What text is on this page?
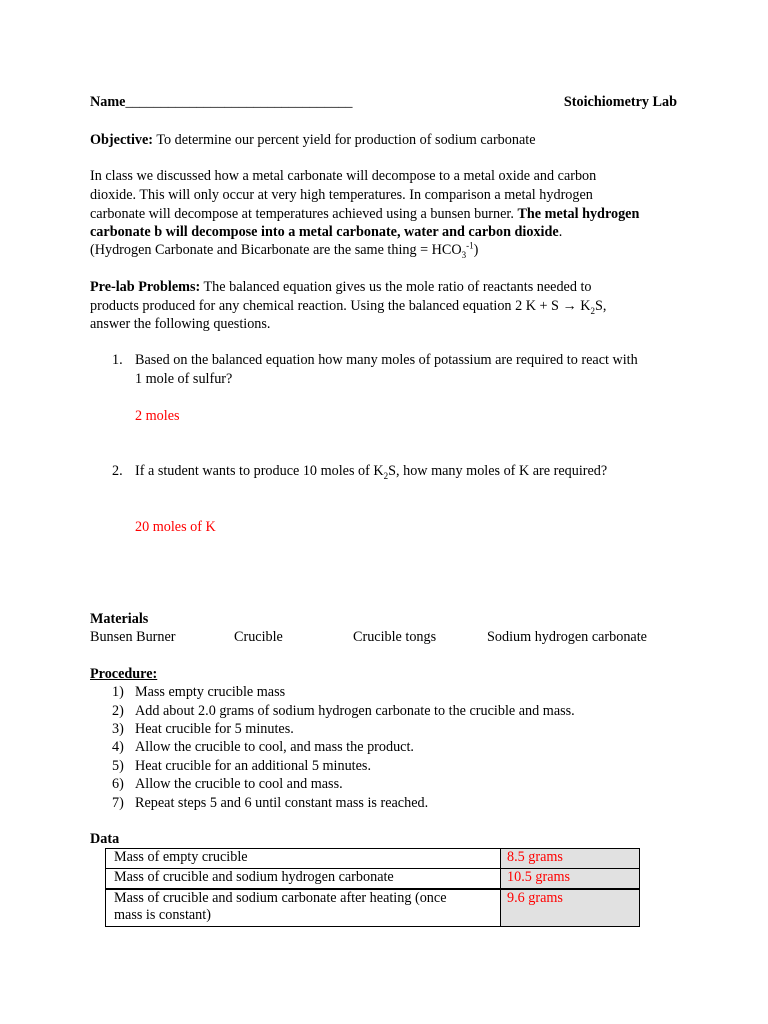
Name________________________________	Stoichiometry Lab
Objective: To determine our percent yield for production of sodium carbonate
In class we discussed how a metal carbonate will decompose to a metal oxide and carbon
dioxide. This will only occur at very high temperatures. In comparison a metal hydrogen
carbonate will decompose at temperatures achieved using a bunsen burner. The metal hydrogen
carbonate b will decompose into a metal carbonate, water and carbon dioxide.
(Hydrogen Carbonate and Bicarbonate are the same thing = $HCO_3^{-1}$)
Pre-lab Problems: The balanced equation gives us the mole ratio of reactants needed to
products produced for any chemical reaction. Using the balanced equation 2 $K + S \to K_2S$,
answer the following questions.
1. Based on the balanced equation how many moles of potassium are required to react with
1 mole of sulfur?
2 moles
2. If a student wants to produce 10 moles of $K_2S$, how many moles of K are required?
20 moles of K
Materials
Bunsen Burner	Crucible	Crucible tongs	Sodium hydrogen carbonate
Procedure:
1) Mass empty crucible mass
2) Add about 2.0 grams of sodium hydrogen carbonate to the crucible and mass.
3) Heat crucible for 5 minutes.
4) Allow the crucible to cool, and mass the product.
5) Heat crucible for an additional 5 minutes.
6) Allow the crucible to cool and mass.
7) Repeat steps 5 and 6 until constant mass is reached.
Data
Mass of empty crucible	8.5 grams
Mass of crucible and sodium hydrogen carbonate	10.5 grams
Mass of crucible and sodium carbonate after heating (once
mass is constant)	9.6 grams
